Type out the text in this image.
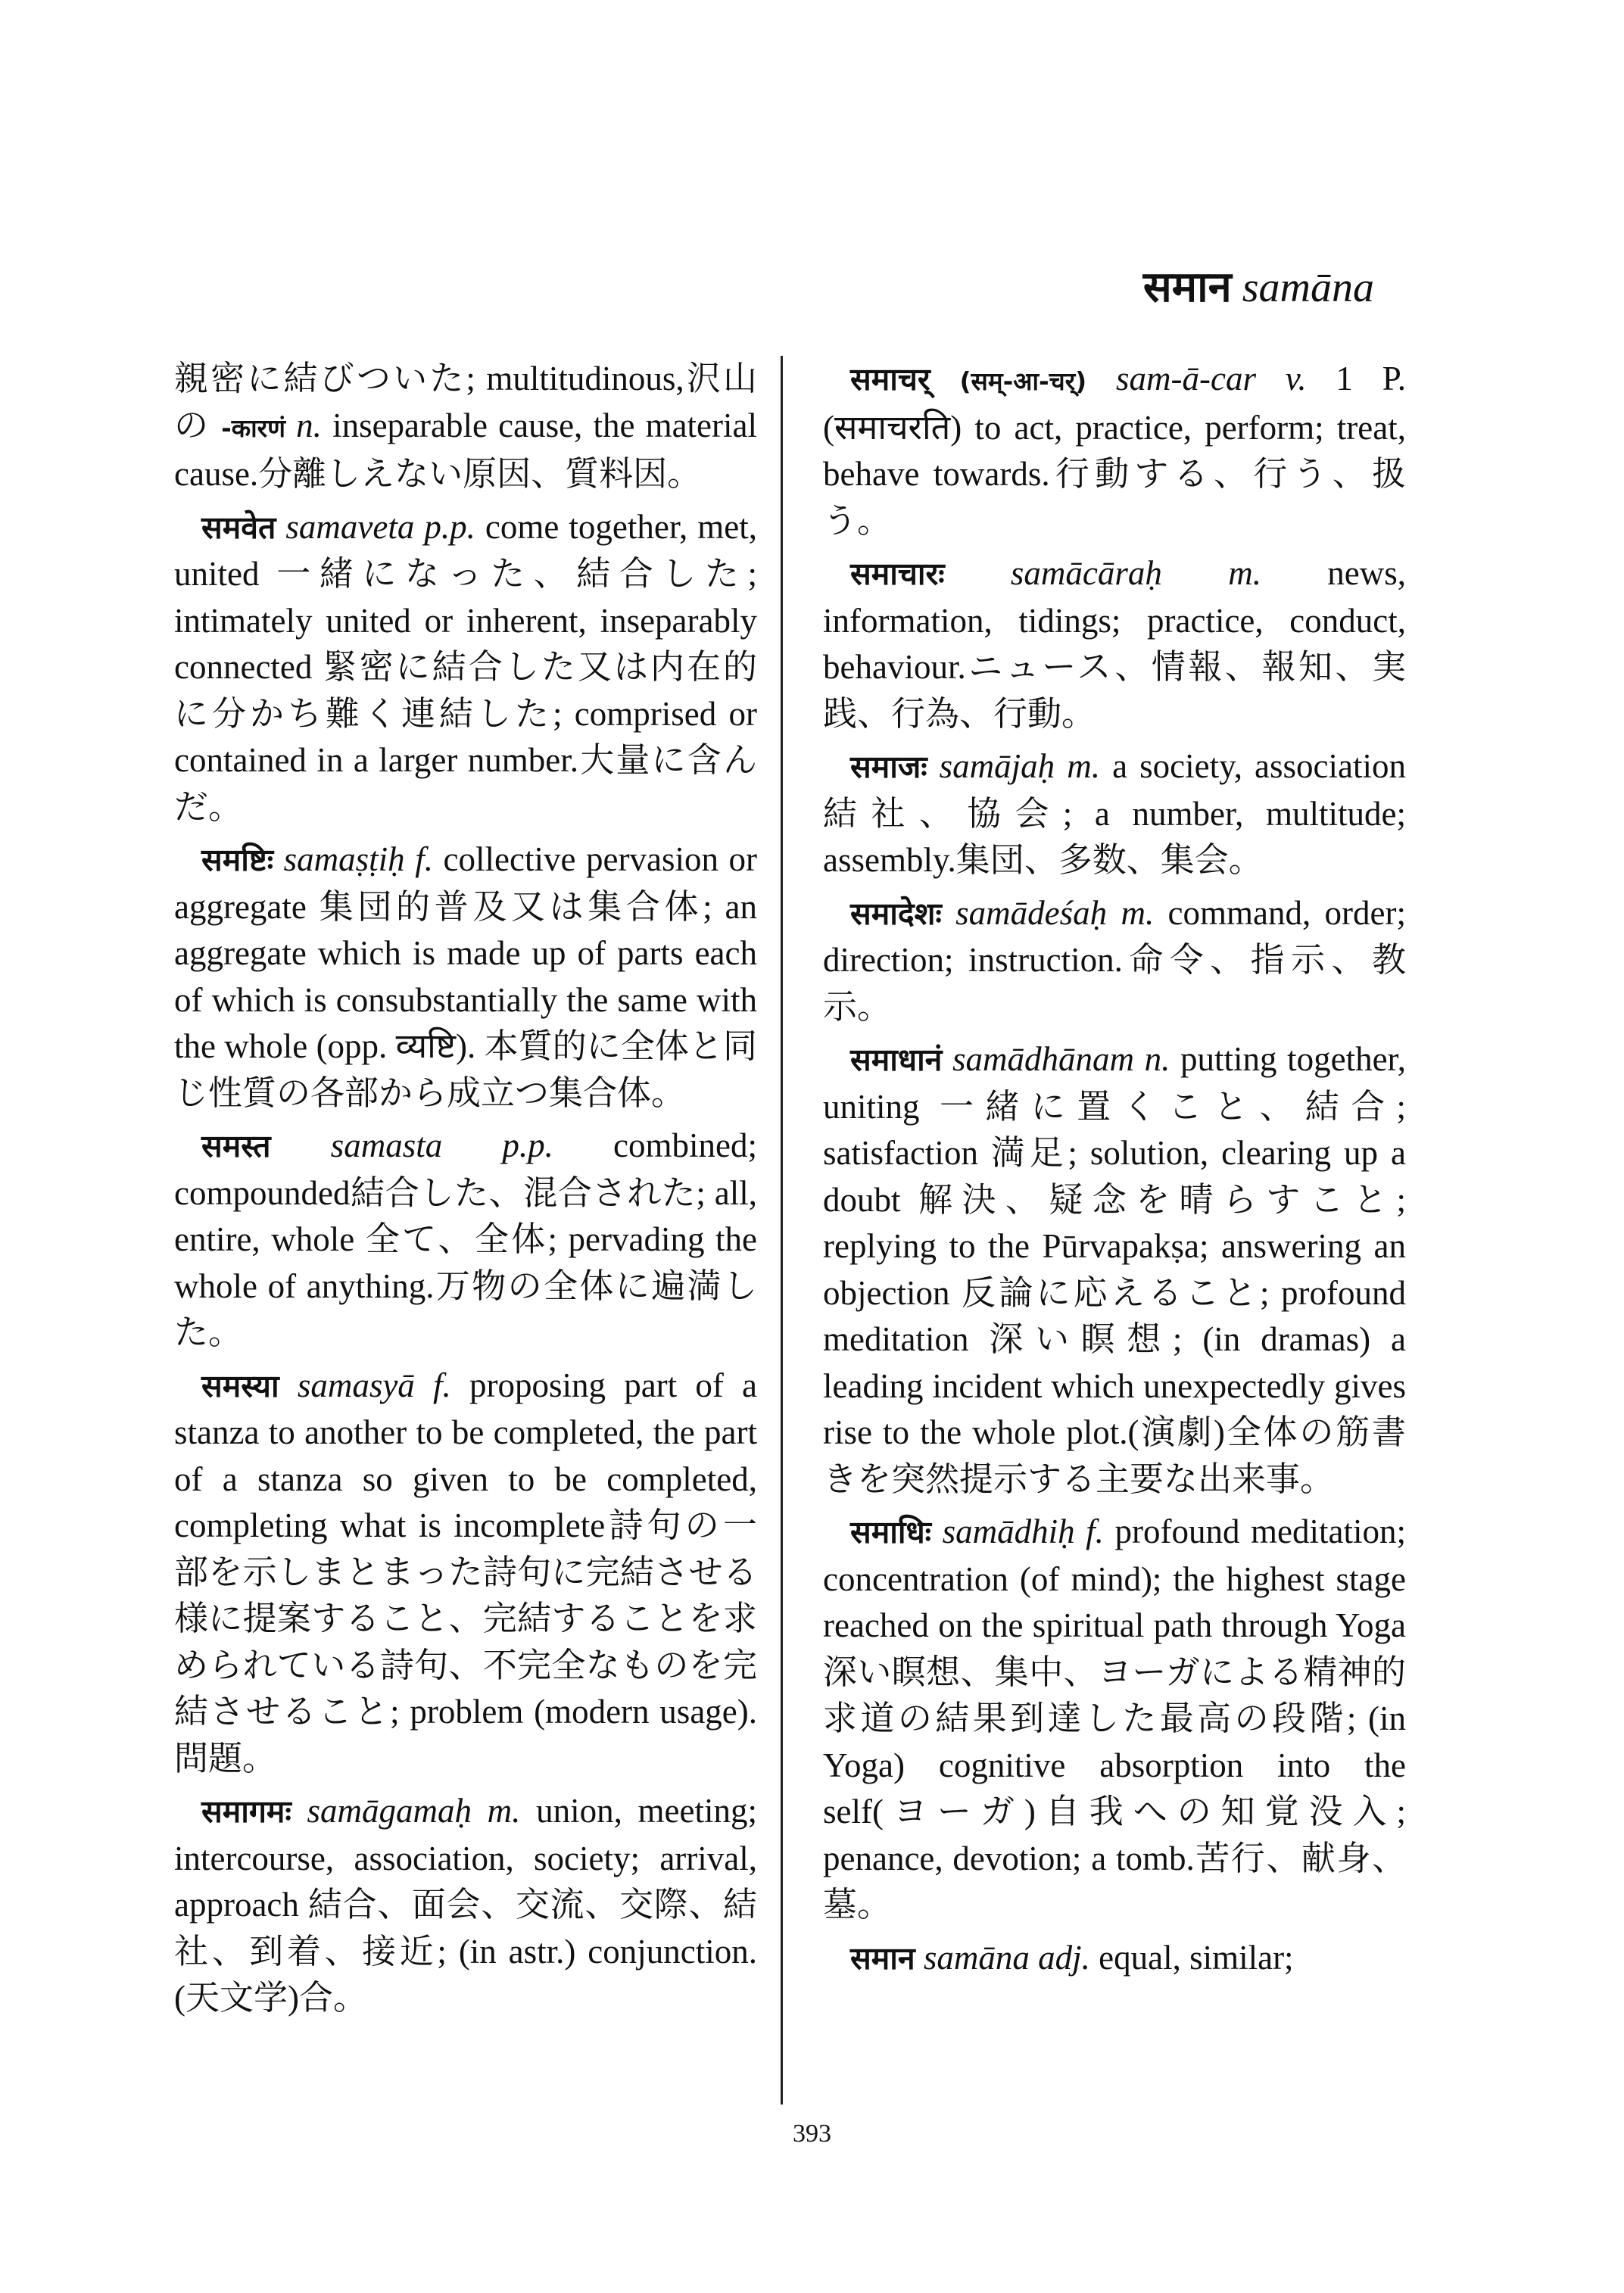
समान samāna

親密に結びついた; multitudinous,沢山の -कारणं n. inseparable cause, the material cause.分離しえない原因、質料因。

समवेत samaveta p.p. come together, met, united 一緒になった、結合した; intimately united or inherent, inseparably connected 緊密に結合した又は内在的に分かち難く連結した; comprised or contained in a larger number.大量に含んだ。

समष्टिः samaṣṭiḥ f. collective pervasion or aggregate 集団的普及又は集合体; an aggregate which is made up of parts each of which is consubstantially the same with the whole (opp. व्यष्टि). 本質的に全体と同じ性質の各部から成立つ集合体。

समस्त samasta p.p. combined; compounded結合した、混合された; all, entire, whole 全て、全体; pervading the whole of anything.万物の全体に遍満した。

समस्या samasyā f. proposing part of a stanza to another to be completed, the part of a stanza so given to be completed, completing what is incomplete詩句の一部を示しまとまった詩句に完結させる様に提案すること、完結することを求められている詩句、不完全なものを完結させること; problem (modern usage).問題。

समागमः samāgamaḥ m. union, meeting; intercourse, association, society; arrival, approach 結合、面会、交流、交際、結社、到着、接近; (in astr.) conjunction.(天文学)合。

समाचर् (सम्-आ-चर्) sam-ā-car v. 1 P. (समाचरति) to act, practice, perform; treat, behave towards.行動する、行う、扱う。

समाचारः samācāraḥ m. news, information, tidings; practice, conduct, behaviour.ニュース、情報、報知、実践、行為、行動。

समाजः samājaḥ m. a society, association 結社、協会; a number, multitude; assembly.集団、多数、集会。

समादेशः samādeśaḥ m. command, order; direction; instruction.命令、指示、教示。

समाधानं samādhānam n. putting together, uniting 一緒に置くこと、結合; satisfaction 満足; solution, clearing up a doubt 解決、疑念を晴らすこと; replying to the Pūrvapakṣa; answering an objection 反論に応えること; profound meditation 深い瞑想; (in dramas) a leading incident which unexpectedly gives rise to the whole plot.(演劇)全体の筋書きを突然提示する主要な出来事。

समाधिः samādhiḥ f. profound meditation; concentration (of mind); the highest stage reached on the spiritual path through Yoga深い瞑想、集中、ヨーガによる精神的求道の結果到達した最高の段階; (in Yoga) cognitive absorption into the self(ヨーガ)自我への知覚没入; penance, devotion; a tomb.苦行、献身、墓。

समान samāna adj. equal, similar;

393
